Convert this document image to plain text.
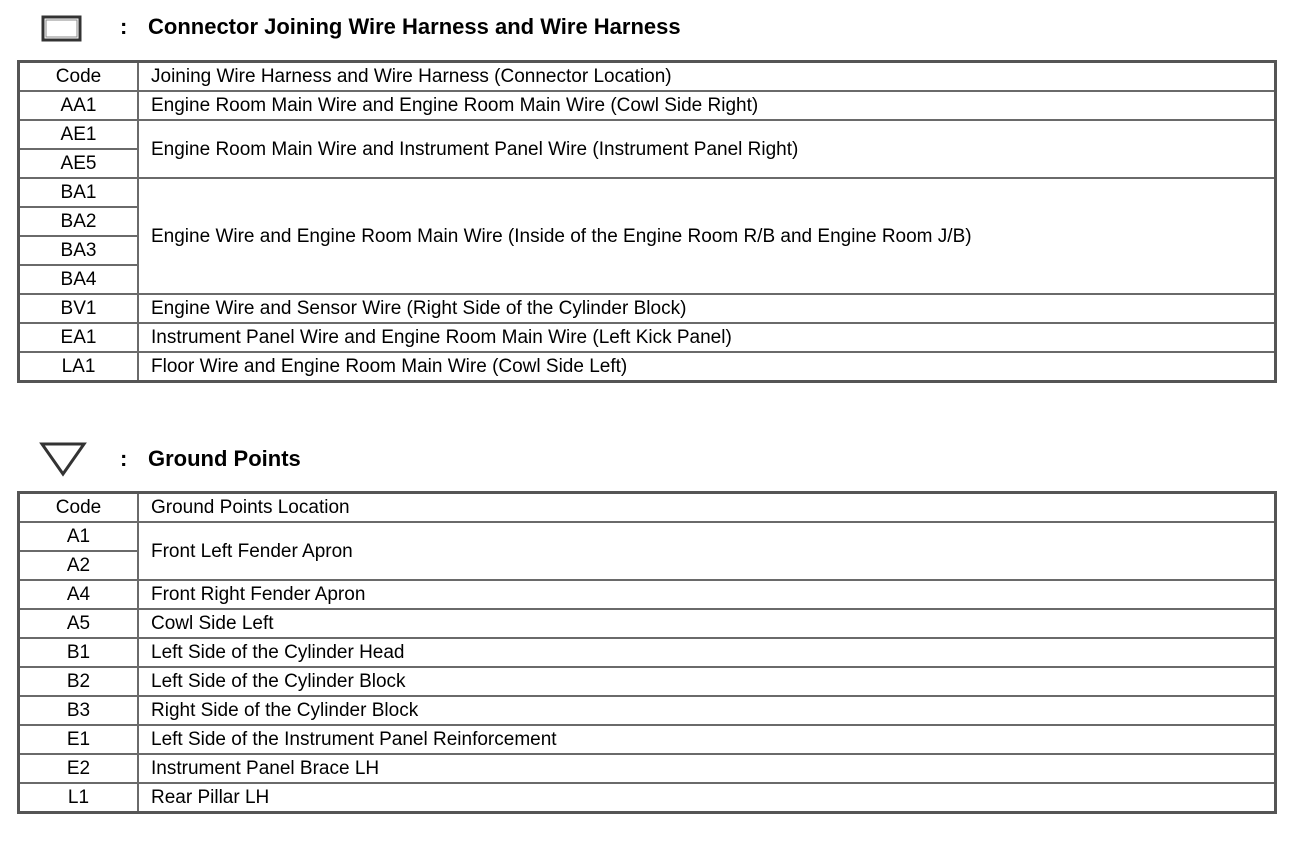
: Connector Joining Wire Harness and Wire Harness
Code	Joining Wire Harness and Wire Harness (Connector Location)
AA1	Engine Room Main Wire and Engine Room Main Wire (Cowl Side Right)
AE1	Engine Room Main Wire and Instrument Panel Wire (Instrument Panel Right)
AE5	
BA1	Engine Wire and Engine Room Main Wire (Inside of the Engine Room R/B and Engine Room J/B)
BA2	
BA3	
BA4	
BV1	Engine Wire and Sensor Wire (Right Side of the Cylinder Block)
EA1	Instrument Panel Wire and Engine Room Main Wire (Left Kick Panel)
LA1	Floor Wire and Engine Room Main Wire (Cowl Side Left)
: Ground Points
Code	Ground Points Location
A1	Front Left Fender Apron
A2	
A4	Front Right Fender Apron
A5	Cowl Side Left
B1	Left Side of the Cylinder Head
B2	Left Side of the Cylinder Block
B3	Right Side of the Cylinder Block
E1	Left Side of the Instrument Panel Reinforcement
E2	Instrument Panel Brace LH
L1	Rear Pillar LH
